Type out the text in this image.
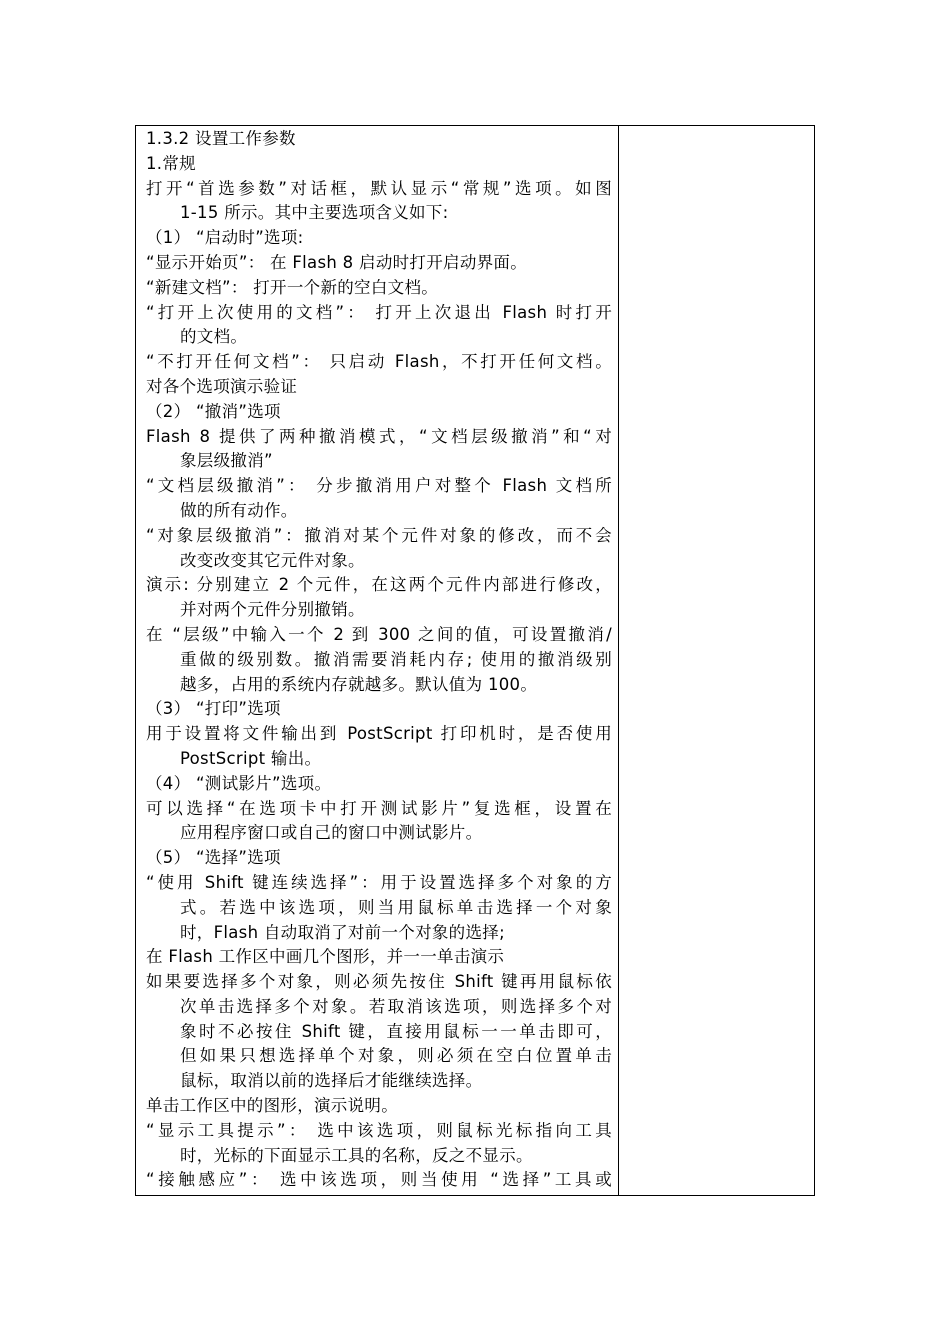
1.3.2 设置工作参数
1.常规
打开“首选参数”对话框，默认显示“常规”选项。如图
1-15 所示。其中主要选项含义如下:
（1） “启动时”选项:
“显示开始页”： 在 Flash 8 启动时打开启动界面。
“新建文档”： 打开一个新的空白文档。
“打开上次使用的文档”： 打开上次退出 Flash 时打开
的文档。
“不打开任何文档”： 只启动 Flash，不打开任何文档。
对各个选项演示验证
（2） “撤消”选项
Flash 8 提供了两种撤消模式，“文档层级撤消”和“对
象层级撤消”
“文档层级撤消”： 分步撤消用户对整个 Flash 文档所
做的所有动作。
“对象层级撤消”：撤消对某个元件对象的修改，而不会
改变改变其它元件对象。
演示: 分别建立 2 个元件，在这两个元件内部进行修改，
并对两个元件分别撤销。
在 “层级”中输入一个 2 到 300 之间的值，可设置撤消/
重做的级别数。撤消需要消耗内存; 使用的撤消级别
越多，占用的系统内存就越多。默认值为 100。
（3） “打印”选项
用于设置将文件输出到 PostScript 打印机时，是否使用
PostScript 输出。
（4） “测试影片”选项。
可以选择“在选项卡中打开测试影片”复选框，设置在
应用程序窗口或自己的窗口中测试影片。
（5） “选择”选项
“使用 Shift 键连续选择”：用于设置选择多个对象的方
式。若选中该选项，则当用鼠标单击选择一个对象
时，Flash 自动取消了对前一个对象的选择;
在 Flash 工作区中画几个图形，并一一单击演示
如果要选择多个对象，则必须先按住 Shift 键再用鼠标依
次单击选择多个对象。若取消该选项，则选择多个对
象时不必按住 Shift 键，直接用鼠标一一单击即可，
但如果只想选择单个对象，则必须在空白位置单击
鼠标，取消以前的选择后才能继续选择。
单击工作区中的图形，演示说明。
“显示工具提示”： 选中该选项，则鼠标光标指向工具
时，光标的下面显示工具的名称，反之不显示。
“接触感应”： 选中该选项，则当使用 “选择”工具或
